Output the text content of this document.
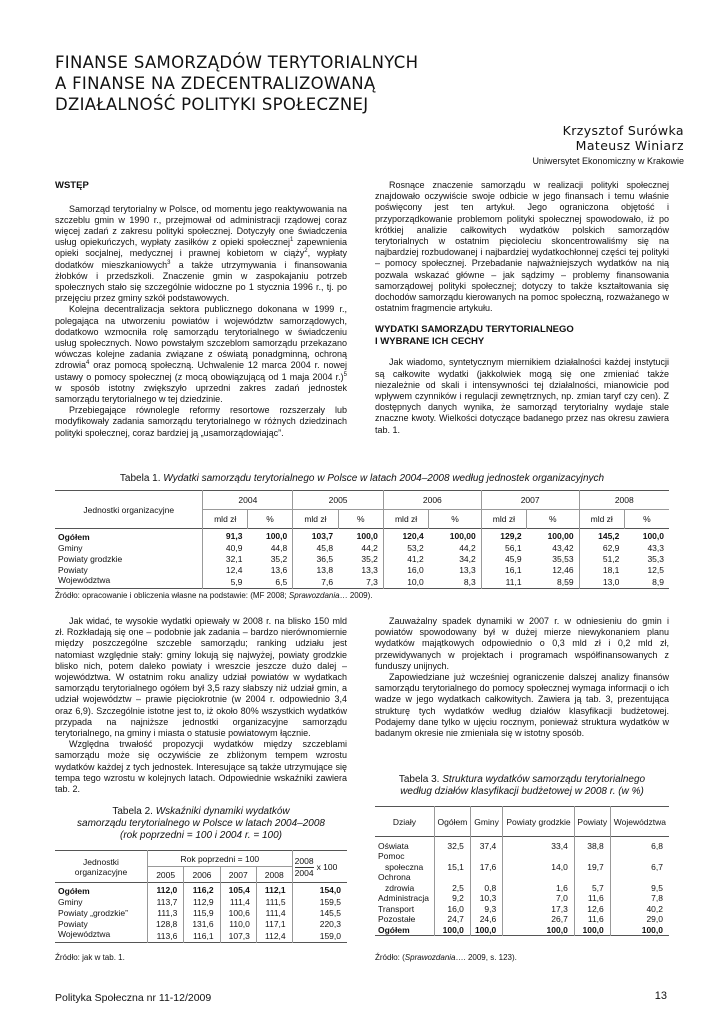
FINANSE SAMORZĄDÓW TERYTORIALNYCH
A FINANSE NA ZDECENTRALIZOWANĄ
DZIAŁALNOŚĆ POLITYKI SPOŁECZNEJ
Krzysztof Surówka
Mateusz Winiarz
Uniwersytet Ekonomiczny w Krakowie
WSTĘP

Samorząd terytorialny w Polsce, od momentu jego reaktywowania na szczeblu gmin w 1990 r., przejmował od administracji rządowej coraz więcej zadań z zakresu polityki społecznej. Dotyczyły one świadczenia usług opiekuńczych, wypłaty zasiłków z opieki społecznej$^1$ zapewnienia opieki socjalnej, medycznej i prawnej kobietom w ciąży$^2$, wypłaty dodatków mieszkaniowych$^3$ a także utrzymywania i finansowania żłobków i przedszkoli. Znaczenie gmin w zaspokajaniu potrzeb społecznych stało się szczególnie widoczne po 1 stycznia 1996 r., tj. po przejęciu przez gminy szkół podstawowych.

Kolejna decentralizacja sektora publicznego dokonana w 1999 r., polegająca na utworzeniu powiatów i województw samorządowych, dodatkowo wzmocniła rolę samorządu terytorialnego w świadczeniu usług społecznych. Nowo powstałym szczeblom samorządu przekazano wówczas kolejne zadania związane z oświatą ponadgminną, ochroną zdrowia$^4$ oraz pomocą społeczną. Uchwalenie 12 marca 2004 r. nowej ustawy o pomocy społecznej (z mocą obowiązującą od 1 maja 2004 r.)$^5$ w sposób istotny zwiększyło uprzedni zakres zadań jednostek samorządu terytorialnego w tej dziedzinie.

Przebiegające równolegle reformy resortowe rozszerzały lub modyfikowały zadania samorządu terytorialnego w różnych dziedzinach polityki społecznej, coraz bardziej ją „usamorządowiając”.

Rosnące znaczenie samorządu w realizacji polityki społecznej znajdowało oczywiście swoje odbicie w jego finansach i temu właśnie poświęcony jest ten artykuł. Jego ograniczona objętość i przyporządkowanie problemom polityki społecznej spowodowało, iż po krótkiej analizie całkowitych wydatków polskich samorządów terytorialnych w ostatnim pięcioleciu skoncentrowaliśmy się na najbardziej rozbudowanej i najbardziej wydatkochłonnej części tej polityki – pomocy społecznej. Przebadanie najważniejszych wydatków na nią pozwala wskazać główne – jak sądzimy – problemy finansowania samorządowej polityki społecznej; dotyczy to także kształtowania się dochodów samorządu kierowanych na pomoc społeczną, rozważanego w ostatnim fragmencie artykułu.

WYDATKI SAMORZĄDU TERYTORIALNEGO
I WYBRANE ICH CECHY

Jak wiadomo, syntetycznym miernikiem działalności każdej instytucji są całkowite wydatki (jakkolwiek mogą się one zmieniać także niezależnie od skali i intensywności tej działalności, mianowicie pod wpływem czynników i regulacji zewnętrznych, np. zmian taryf czy cen). Z dostępnych danych wynika, że samorząd terytorialny wydaje stale znaczne kwoty. Wielkości dotyczące badanego przez nas okresu zawiera tab. 1.

Tabela 1. Wydatki samorządu terytorialnego w Polsce w latach 2004–2008 według jednostek organizacyjnych
Jednostki organizacyjne	2004		2005		2006		2007		2008	
	mld zł	%	mld zł	%	mld zł	%	mld zł	%	mld zł	%
Ogółem	91,3	100,0	103,7	100,0	120,4	100,00	129,2	100,00	145,2	100,0
Gminy	40,9	44,8	45,8	44,2	53,2	44,2	56,1	43,42	62,9	43,3
Powiaty grodzkie	32,1	35,2	36,5	35,2	41,2	34,2	45,9	35,53	51,2	35,3
Powiaty	12,4	13,6	13,8	13,3	16,0	13,3	16,1	12,46	18,1	12,5
Województwa	5,9	6,5	7,6	7,3	10,0	8,3	11,1	8,59	13,0	8,9
Źródło: opracowanie i obliczenia własne na podstawie: (MF 2008; Sprawozdania… 2009).

Jak widać, te wysokie wydatki opiewały w 2008 r. na blisko 150 mld zł. Rozkładają się one – podobnie jak zadania – bardzo nierównomiernie między poszczególne szczeble samorządu; ranking udziału jest natomiast względnie stały: gminy lokują się najwyżej, powiaty grodzkie blisko nich, potem daleko powiaty i wreszcie jeszcze dużo dalej – województwa. W ostatnim roku analizy udział powiatów w wydatkach samorządu terytorialnego ogółem był 3,5 razy słabszy niż udział gmin, a udział województw – prawie pięciokrotnie (w 2004 r. odpowiednio 3,4 oraz 6,9). Szczególnie istotne jest to, iż około 80% wszystkich wydatków przypada na najniższe jednostki organizacyjne samorządu terytorialnego, na gminy i miasta o statusie powiatowym łącznie.

Względna trwałość propozycji wydatków między szczeblami samorządu może się oczywiście ze zbliżonym tempem wzrostu wydatków każdej z tych jednostek. Interesujące są także utrzymujące się tempa tego wzrostu w kolejnych latach. Odpowiednie wskaźniki zawiera tab. 2.

Tabela 2. Wskaźniki dynamiki wydatków
samorządu terytorialnego w Polsce w latach 2004–2008
(rok poprzedni = 100 i 2004 r. = 100)
Jednostki organizacyjne	Rok poprzedni = 100				$\frac{2008}{2004}$ x 100

	2005	2006	2007	2008	
Ogółem	112,0	116,2	105,4	112,1	154,0
Gminy	113,7	112,9	111,4	111,5	159,5
Powiaty „grodzkie”	111,3	115,9	100,6	111,4	145,5
Powiaty	128,8	131,6	110,0	117,1	220,3
Województwa	113,6	116,1	107,3	112,4	159,0
Źródło: jak w tab. 1.

Zauważalny spadek dynamiki w 2007 r. w odniesieniu do gmin i powiatów spowodowany był w dużej mierze niewykonaniem planu wydatków majątkowych odpowiednio o 0,3 mld zł i 0,2 mld zł, przewidywanych w projektach i programach współfinansowanych z funduszy unijnych.

Zapowiedziane już wcześniej ograniczenie dalszej analizy finansów samorządu terytorialnego do pomocy społecznej wymaga informacji o ich wadze w jego wydatkach całkowitych. Zawiera ją tab. 3, prezentująca strukturę tych wydatków według działów klasyfikacji budżetowej. Podajemy dane tylko w ujęciu rocznym, ponieważ struktura wydatków w badanym okresie nie zmieniała się w istotny sposób.

Tabela 3. Struktura wydatków samorządu terytorialnego
według działów klasyfikacji budżetowej w 2008 r. (w %)
Działy	Ogółem	Gminy	Powiaty grodzkie	Powiaty	Województwa
Oświata	32,5	37,4	33,4	38,8	6,8
Pomoc					
społeczna	15,1	17,6	14,0	19,7	6,7
Ochrona					
zdrowia	2,5	0,8	1,6	5,7	9,5
Administracja	9,2	10,3	7,0	11,6	7,8
Transport	16,0	9,3	17,3	12,6	40,2
Pozostałe	24,7	24,6	26,7	11,6	29,0
Ogółem	100,0	100,0	100,0	100,0	100,0
Źródło: (Sprawozdania…. 2009, s. 123).
Polityka Społeczna nr 11-12/2009	13
